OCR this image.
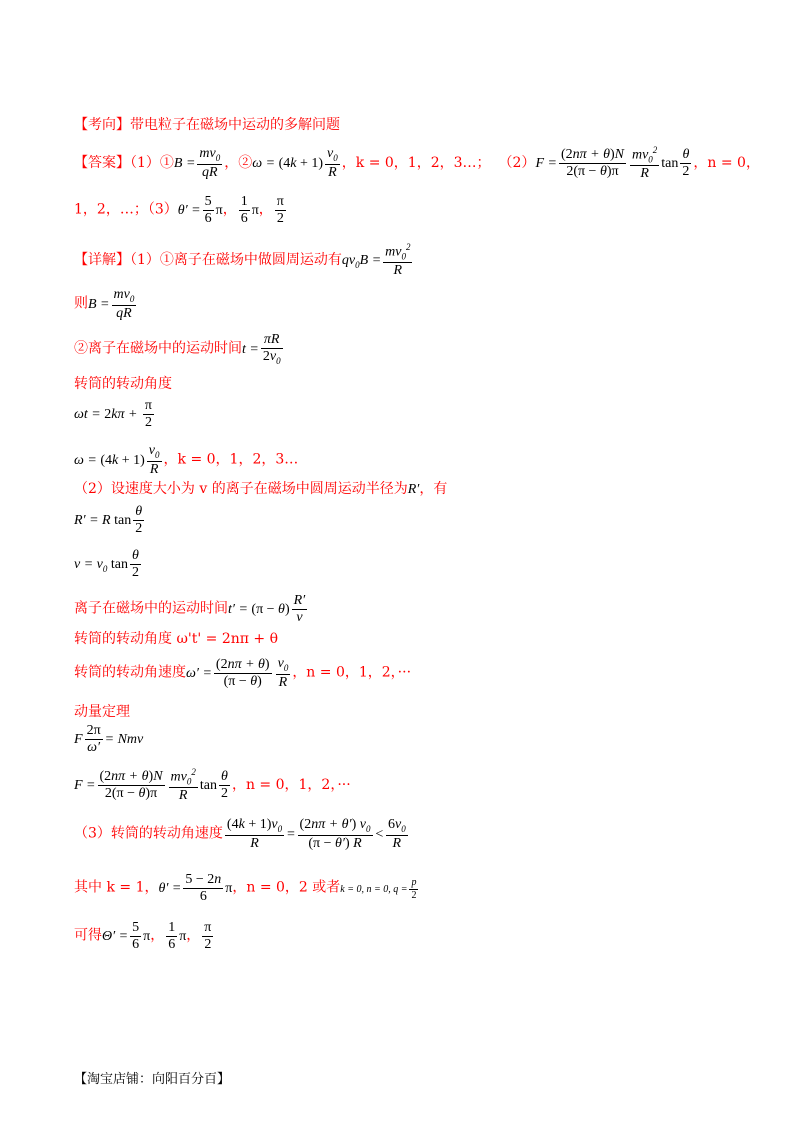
【考向】带电粒子在磁场中运动的多解问题
【答案】（1）①B = $\frac{mv_0}{qR}$ ，②ω = $(4k + 1) \frac{v_0}{R}$ ，k = 0，1，2，3…； $(2)F = \frac{(2n\pi + \theta)N}{2(\pi - \theta)\pi} \frac{mv_0^2}{R}$ $\tan \frac{\theta}{2}$ ，n = 0，
1，2，…；$(3)\theta' = \frac{5}{6}$ π， $\frac{1}{6}$ π， $\frac{\pi}{2}$
【详解】（1）①离子在磁场中做圆周运动有$qv_0B = \frac{mv_0^2}{R}$
则$B = \frac{mv_0}{qR}$
②离子在磁场中的运动时间$t = \frac{\pi R}{2v_0}$
转筒的转动角度
$\omega t = 2k\pi + \frac{\pi}{2}$
$\omega = (4k + 1) \frac{v_0}{R}$ ，k = 0，1，2，3…
（2）设速度大小为 v 的离子在磁场中圆周运动半径为R′，有
R′ = R $\tan \frac{\theta}{2}$
$v = v_0$ $\tan \frac{\theta}{2}$
离子在磁场中的运动时间$t' = (\pi - \theta) \frac{R'}{v}$
转筒的转动角度 ω't' = 2nπ + θ
转筒的转动角速度$\omega' = \frac{(2n\pi + \theta)}{(\pi - \theta)} \frac{v_0}{R}$ ，n = 0，1，2，···
动量定理
F $\frac{2\pi}{\omega'}$ = Nmv
$F = \frac{(2n\pi + \theta)N}{2(\pi - \theta)\pi} \frac{mv_0^2}{R}$ $\tan \frac{\theta}{2}$ ，n = 0，1，2，···
（3）转筒的转动角速度 $\frac{(4k + 1)v_0}{R} = \frac{(2n\pi + \theta') v_0}{(\pi - \theta') R} < \frac{6v_0}{R}$
其中 k = 1，$\theta' = \frac{5 - 2n}{6}$ π，n = 0，2 或者k = 0, n = 0, $q = \frac{p}{2}$
可得$\Theta' = \frac{5}{6}$ π， $\frac{1}{6}$ π， $\frac{\pi}{2}$
【淘宝店铺：向阳百分百】
